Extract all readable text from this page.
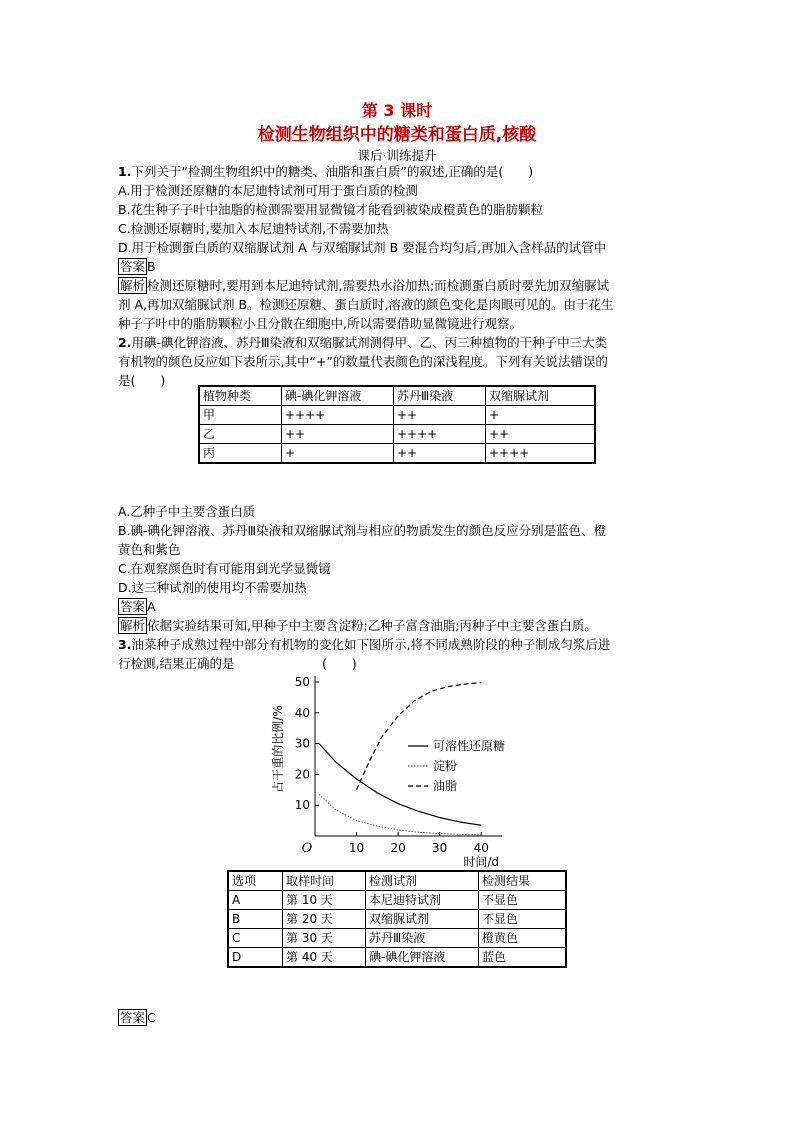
第 3 课时
检测生物组织中的糖类和蛋白质,核酸
课后·训练提升
1.下列关于“检测生物组织中的糖类、油脂和蛋白质”的叙述,正确的是(　　)
A.用于检测还原糖的本尼迪特试剂可用于蛋白质的检测
B.花生种子子叶中油脂的检测需要用显微镜才能看到被染成橙黄色的脂肪颗粒
C.检测还原糖时,要加入本尼迪特试剂,不需要加热
D.用于检测蛋白质的双缩脲试剂 A 与双缩脲试剂 B 要混合均匀后,再加入含样品的试管中
答案 B
解析 检测还原糖时,要用到本尼迪特试剂,需要热水浴加热;而检测蛋白质时要先加双缩脲试
剂 A,再加双缩脲试剂 B。检测还原糖、蛋白质时,溶液的颜色变化是肉眼可见的。由于花生
种子子叶中的脂肪颗粒小且分散在细胞中,所以需要借助显微镜进行观察。
2.用碘-碘化钾溶液、苏丹Ⅲ染液和双缩脲试剂测得甲、乙、丙三种植物的干种子中三大类
有机物的颜色反应如下表所示,其中“+”的数量代表颜色的深浅程度。下列有关说法错误的
是(　　)
植物种类	碘-碘化钾溶液	苏丹Ⅲ染液	双缩脲试剂
甲	++++	++	+
乙	++	++++	++
丙	+	++	++++
A.乙种子中主要含蛋白质
B.碘-碘化钾溶液、苏丹Ⅲ染液和双缩脲试剂与相应的物质发生的颜色反应分别是蓝色、橙
黄色和紫色
C.在观察颜色时有可能用到光学显微镜
D.这三种试剂的使用均不需要加热
答案 A
解析 依据实验结果可知,甲种子中主要含淀粉;乙种子富含油脂;丙种子中主要含蛋白质。
3.油菜种子成熟过程中部分有机物的变化如下图所示,将不同成熟阶段的种子制成匀浆后进
行检测,结果正确的是　　　　　　　(　　)
占干重的比例/%
时间/d
O
10
20
30
40
50
10 20 30 40
可溶性还原糖
淀粉
油脂
选项	取样时间	检测试剂	检测结果
A	第 10 天	本尼迪特试剂	不显色
B	第 20 天	双缩脲试剂	不显色
C	第 30 天	苏丹Ⅲ染液	橙黄色
D	第 40 天	碘-碘化钾溶液	蓝色
答案 C
